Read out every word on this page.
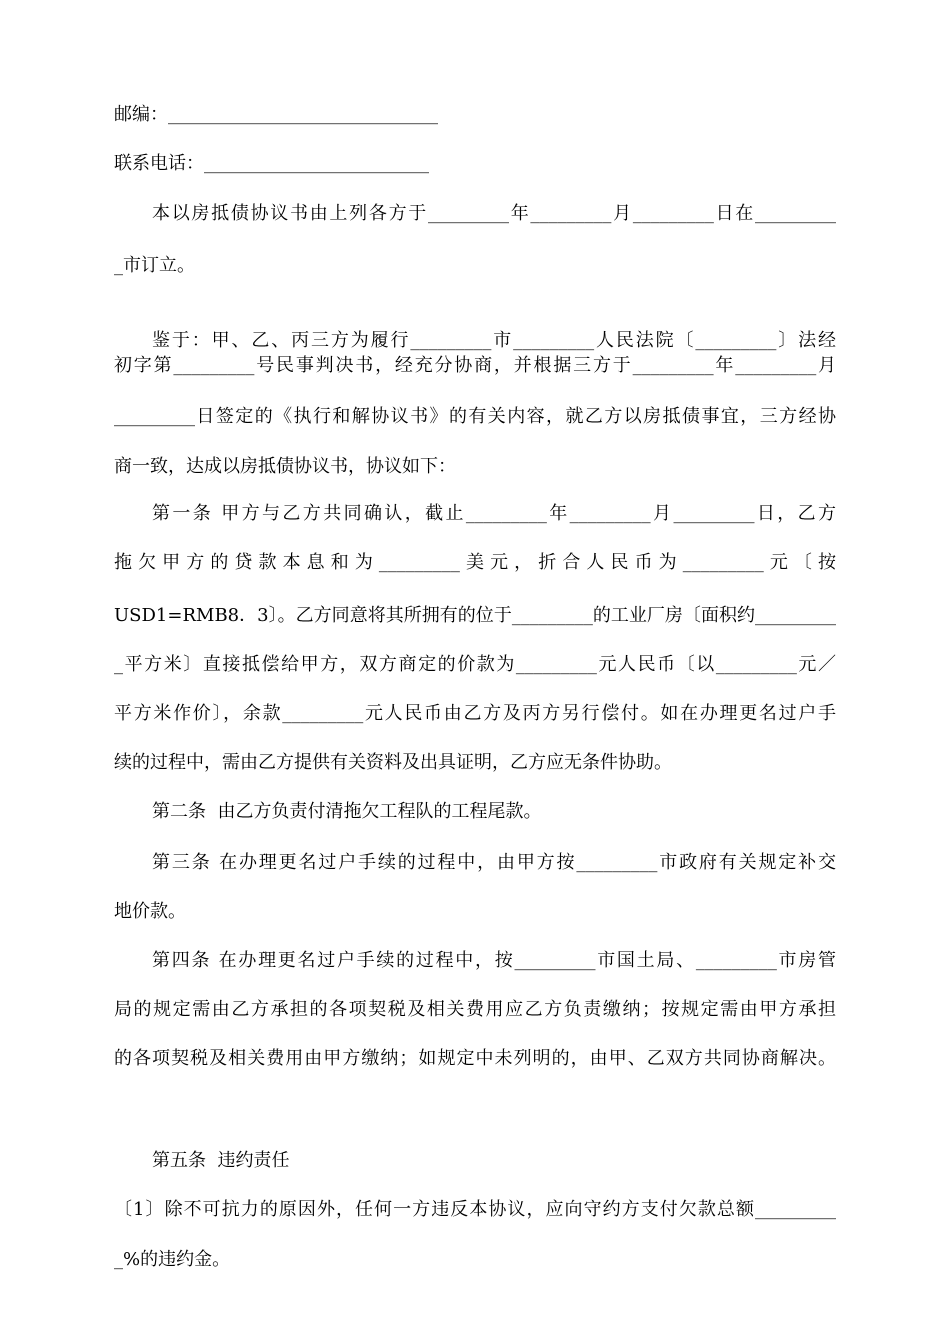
邮编：______________________________

联系电话：_________________________

本以房抵债协议书由上列各方于_________年_________月_________日在_________

_市订立。

鉴于：甲、乙、丙三方为履行_________市_________人民法院〔_________〕法经

初字第_________号民事判决书，经充分协商，并根据三方于_________年_________月

_________日签定的《执行和解协议书》的有关内容，就乙方以房抵债事宜，三方经协

商一致，达成以房抵债协议书，协议如下：

第一条 甲方与乙方共同确认，截止_________年_________月_________日，乙方

拖欠甲方的贷款本息和为_________美元，折合人民币为_________元〔按

USD1=RMB8．3〕。乙方同意将其所拥有的位于_________的工业厂房〔面积约_________

_平方米〕直接抵偿给甲方，双方商定的价款为_________元人民币〔以_________元／

平方米作价〕，余款_________元人民币由乙方及丙方另行偿付。如在办理更名过户手

续的过程中，需由乙方提供有关资料及出具证明，乙方应无条件协助。

第二条  由乙方负责付清拖欠工程队的工程尾款。

第三条 在办理更名过户手续的过程中，由甲方按_________市政府有关规定补交

地价款。

第四条 在办理更名过户手续的过程中，按_________市国土局、_________市房管

局的规定需由乙方承担的各项契税及相关费用应乙方负责缴纳；按规定需由甲方承担

的各项契税及相关费用由甲方缴纳；如规定中未列明的，由甲、乙双方共同协商解决。

第五条  违约责任

〔1〕除不可抗力的原因外，任何一方违反本协议，应向守约方支付欠款总额_________

_%的违约金。
